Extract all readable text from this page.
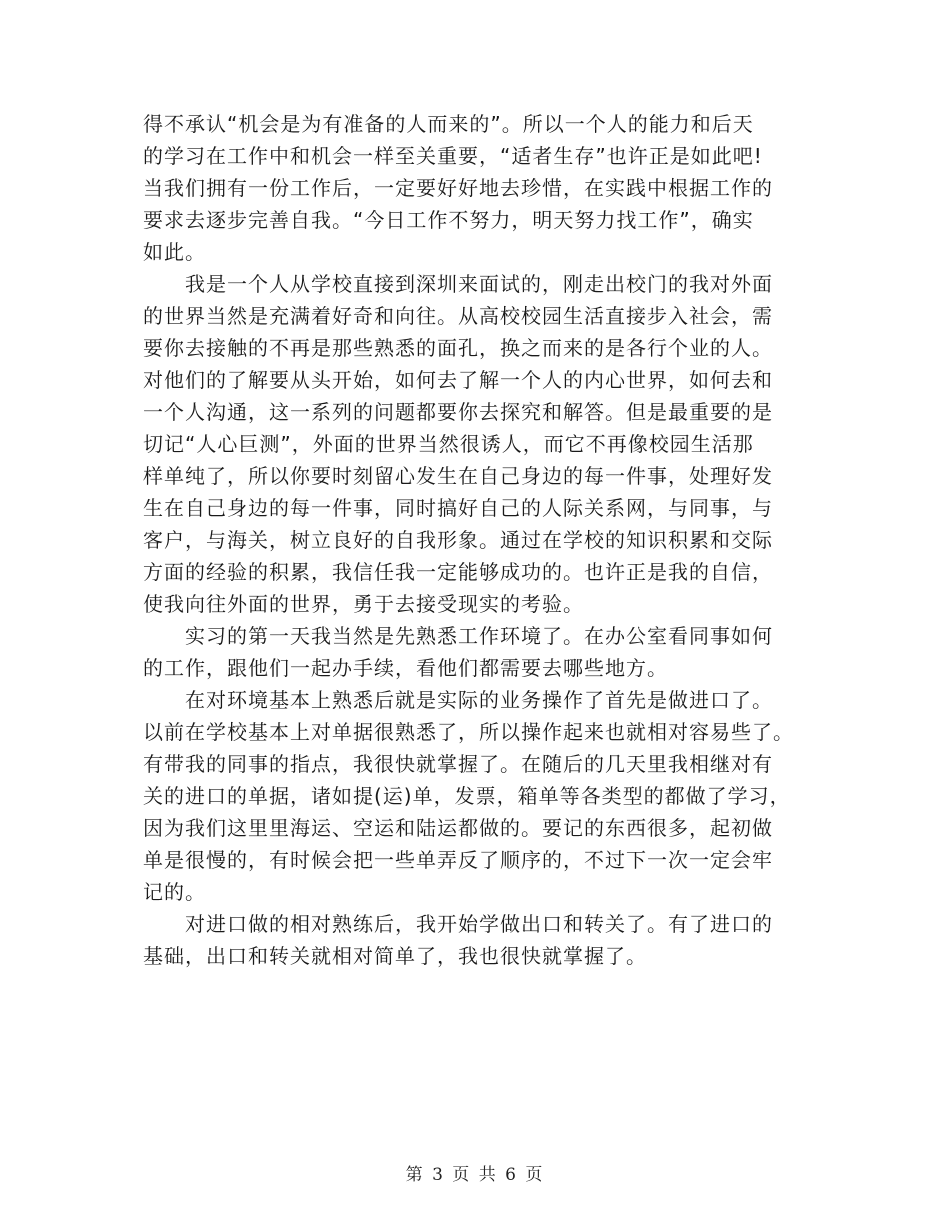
得不承认“机会是为有准备的人而来的”。所以一个人的能力和后天
的学习在工作中和机会一样至关重要，“适者生存”也许正是如此吧!
当我们拥有一份工作后，一定要好好地去珍惜，在实践中根据工作的
要求去逐步完善自我。“今日工作不努力，明天努力找工作”，确实
如此。

　　我是一个人从学校直接到深圳来面试的，刚走出校门的我对外面
的世界当然是充满着好奇和向往。从高校校园生活直接步入社会，需
要你去接触的不再是那些熟悉的面孔，换之而来的是各行个业的人。
对他们的了解要从头开始，如何去了解一个人的内心世界，如何去和
一个人沟通，这一系列的问题都要你去探究和解答。但是最重要的是
切记“人心巨测”，外面的世界当然很诱人，而它不再像校园生活那
样单纯了，所以你要时刻留心发生在自己身边的每一件事，处理好发
生在自己身边的每一件事，同时搞好自己的人际关系网，与同事，与
客户，与海关，树立良好的自我形象。通过在学校的知识积累和交际
方面的经验的积累，我信任我一定能够成功的。也许正是我的自信，
使我向往外面的世界，勇于去接受现实的考验。

　　实习的第一天我当然是先熟悉工作环境了。在办公室看同事如何
的工作，跟他们一起办手续，看他们都需要去哪些地方。

　　在对环境基本上熟悉后就是实际的业务操作了首先是做进口了。
以前在学校基本上对单据很熟悉了，所以操作起来也就相对容易些了。
有带我的同事的指点，我很快就掌握了。在随后的几天里我相继对有
关的进口的单据，诸如提(运)单，发票，箱单等各类型的都做了学习，
因为我们这里里海运、空运和陆运都做的。要记的东西很多，起初做
单是很慢的，有时候会把一些单弄反了顺序的，不过下一次一定会牢
记的。

　　对进口做的相对熟练后，我开始学做出口和转关了。有了进口的
基础，出口和转关就相对简单了，我也很快就掌握了。

第 3 页 共 6 页
